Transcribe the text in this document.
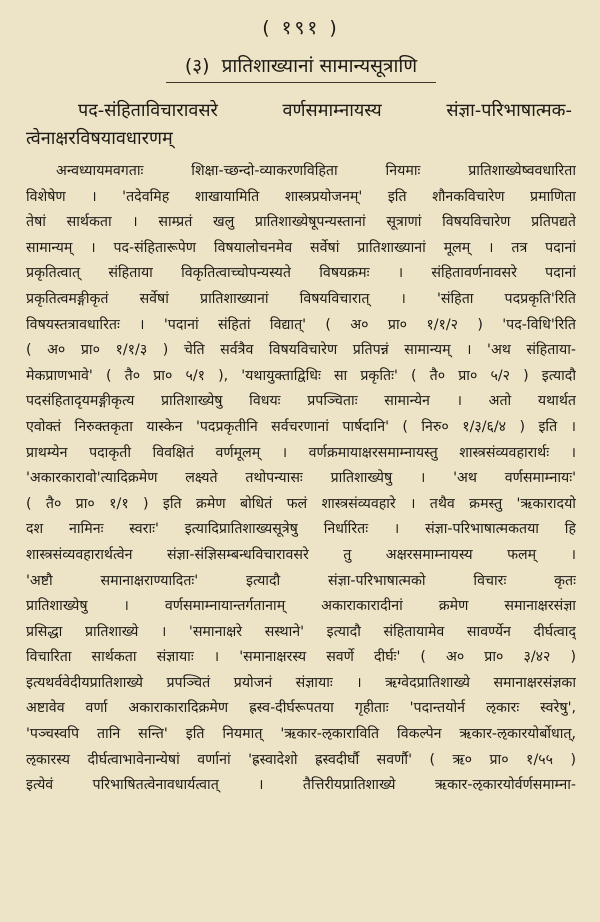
( १९१ )
(३) प्रातिशाख्यानां सामान्यसूत्राणि
पद-संहिताविचारावसरे वर्णसमाम्नायस्य संज्ञा-परिभाषात्मक-
त्वेनाक्षरविषयावधारणम्
अन्वध्यायमवगताः शिक्षा-च्छन्दो-व्याकरणविहिता नियमाः प्रातिशाख्येष्ववधारिता
विशेषेण । 'तदेवमिह शाखायामिति शास्त्रप्रयोजनम्' इति शौनकविचारेण प्रमाणिता
तेषां सार्थकता । साम्प्रतं खलु प्रातिशाख्येषूपन्यस्तानां सूत्राणां विषयविचारेण प्रतिपद्यते
सामान्यम् । पद-संहितारूपेण विषयालोचनमेव सर्वेषां प्रातिशाख्यानां मूलम् । तत्र पदानां
प्रकृतित्वात् संहिताया विकृतित्वाच्चोपन्यस्यते विषयक्रमः । संहितावर्णनावसरे पदानां
प्रकृतित्वमङ्गीकृतं सर्वेषां प्रातिशाख्यानां विषयविचारात् । 'संहिता पदप्रकृति'रिति
विषयस्तत्रावधारितः । 'पदानां संहितां विद्यात्' ( अ० प्रा० १/१/२ ) 'पद-विधि'रिति
( अ० प्रा० १/१/३ ) चेति सर्वत्रैव विषयविचारेण प्रतिपन्नं सामान्यम् । 'अथ संहिताया-
मेकप्राणभावे' ( तै० प्रा० ५/१ ), 'यथायुक्ताद्विधिः सा प्रकृतिः' ( तै० प्रा० ५/२ ) इत्यादौ
पदसंहितादृयमङ्गीकृत्य प्रातिशाख्येषु विधयः प्रपञ्चिताः सामान्येन । अतो यथार्थत
एवोक्तं निरुक्तकृता यास्केन 'पदप्रकृतीनि सर्वचरणानां पार्षदानि' ( निरु० १/३/६/४ ) इति ।
प्राथम्येन पदाकृती विवक्षितं वर्णमूलम् । वर्णक्रमायाक्षरसमाम्नायस्तु शास्त्रसंव्यवहारार्थः ।
'अकारकारावो'त्यादिक्रमेण लक्ष्यते तथोपन्यासः प्रातिशाख्येषु । 'अथ वर्णसमाम्नायः'
( तै० प्रा० १/१ ) इति क्रमेण बोधितं फलं शास्त्रसंव्यवहारे । तथैव क्रमस्तु 'ऋकारादयो
दश नामिनः स्वराः' इत्यादिप्रातिशाख्यसूत्रेषु निर्धारितः । संज्ञा-परिभाषात्मकतया हि
शास्त्रसंव्यवहारार्थत्वेन संज्ञा-संज्ञिसम्बन्धविचारावसरे तु अक्षरसमाम्नायस्य फलम् ।
'अष्टौ समानाक्षराण्यादितः' इत्यादौ संज्ञा-परिभाषात्मको विचारः कृतः
प्रातिशाख्येषु । वर्णसमाम्नायान्तर्गतानाम् अकाराकारादीनां क्रमेण समानाक्षरसंज्ञा
प्रसिद्धा प्रातिशाख्ये । 'समानाक्षरे सस्थाने' इत्यादौ संहितायामेव सावर्ण्येन दीर्घत्वाद्
विचारिता सार्थकता संज्ञायाः । 'समानाक्षरस्य सवर्णे दीर्घः' ( अ० प्रा० ३/४२ )
इत्यथर्ववेदीयप्रातिशाख्ये प्रपञ्चितं प्रयोजनं संज्ञायाः । ऋग्वेदप्रातिशाख्ये समानाक्षरसंज्ञका
अष्टावेव वर्णा अकाराकारादिक्रमेण ह्रस्व-दीर्घरूपतया गृहीताः 'पदान्तयोर्न ऌकारः स्वरेषु',
'पञ्चस्वपि तानि सन्ति' इति नियमात् 'ऋकार-ऌकाराविति विकल्पेन ऋकार-ऌकारयोर्बोधात्,
ऌकारस्य दीर्घत्वाभावेनान्येषां वर्णानां 'ह्रस्वादेशो ह्रस्वदीर्घौ सवर्णौ' ( ऋ० प्रा० १/५५ )
इत्येवं परिभाषितत्वेनावधार्यत्वात् । तैत्तिरीयप्रातिशाख्ये ऋकार-ऌकारयोर्वर्णसमाम्ना-
